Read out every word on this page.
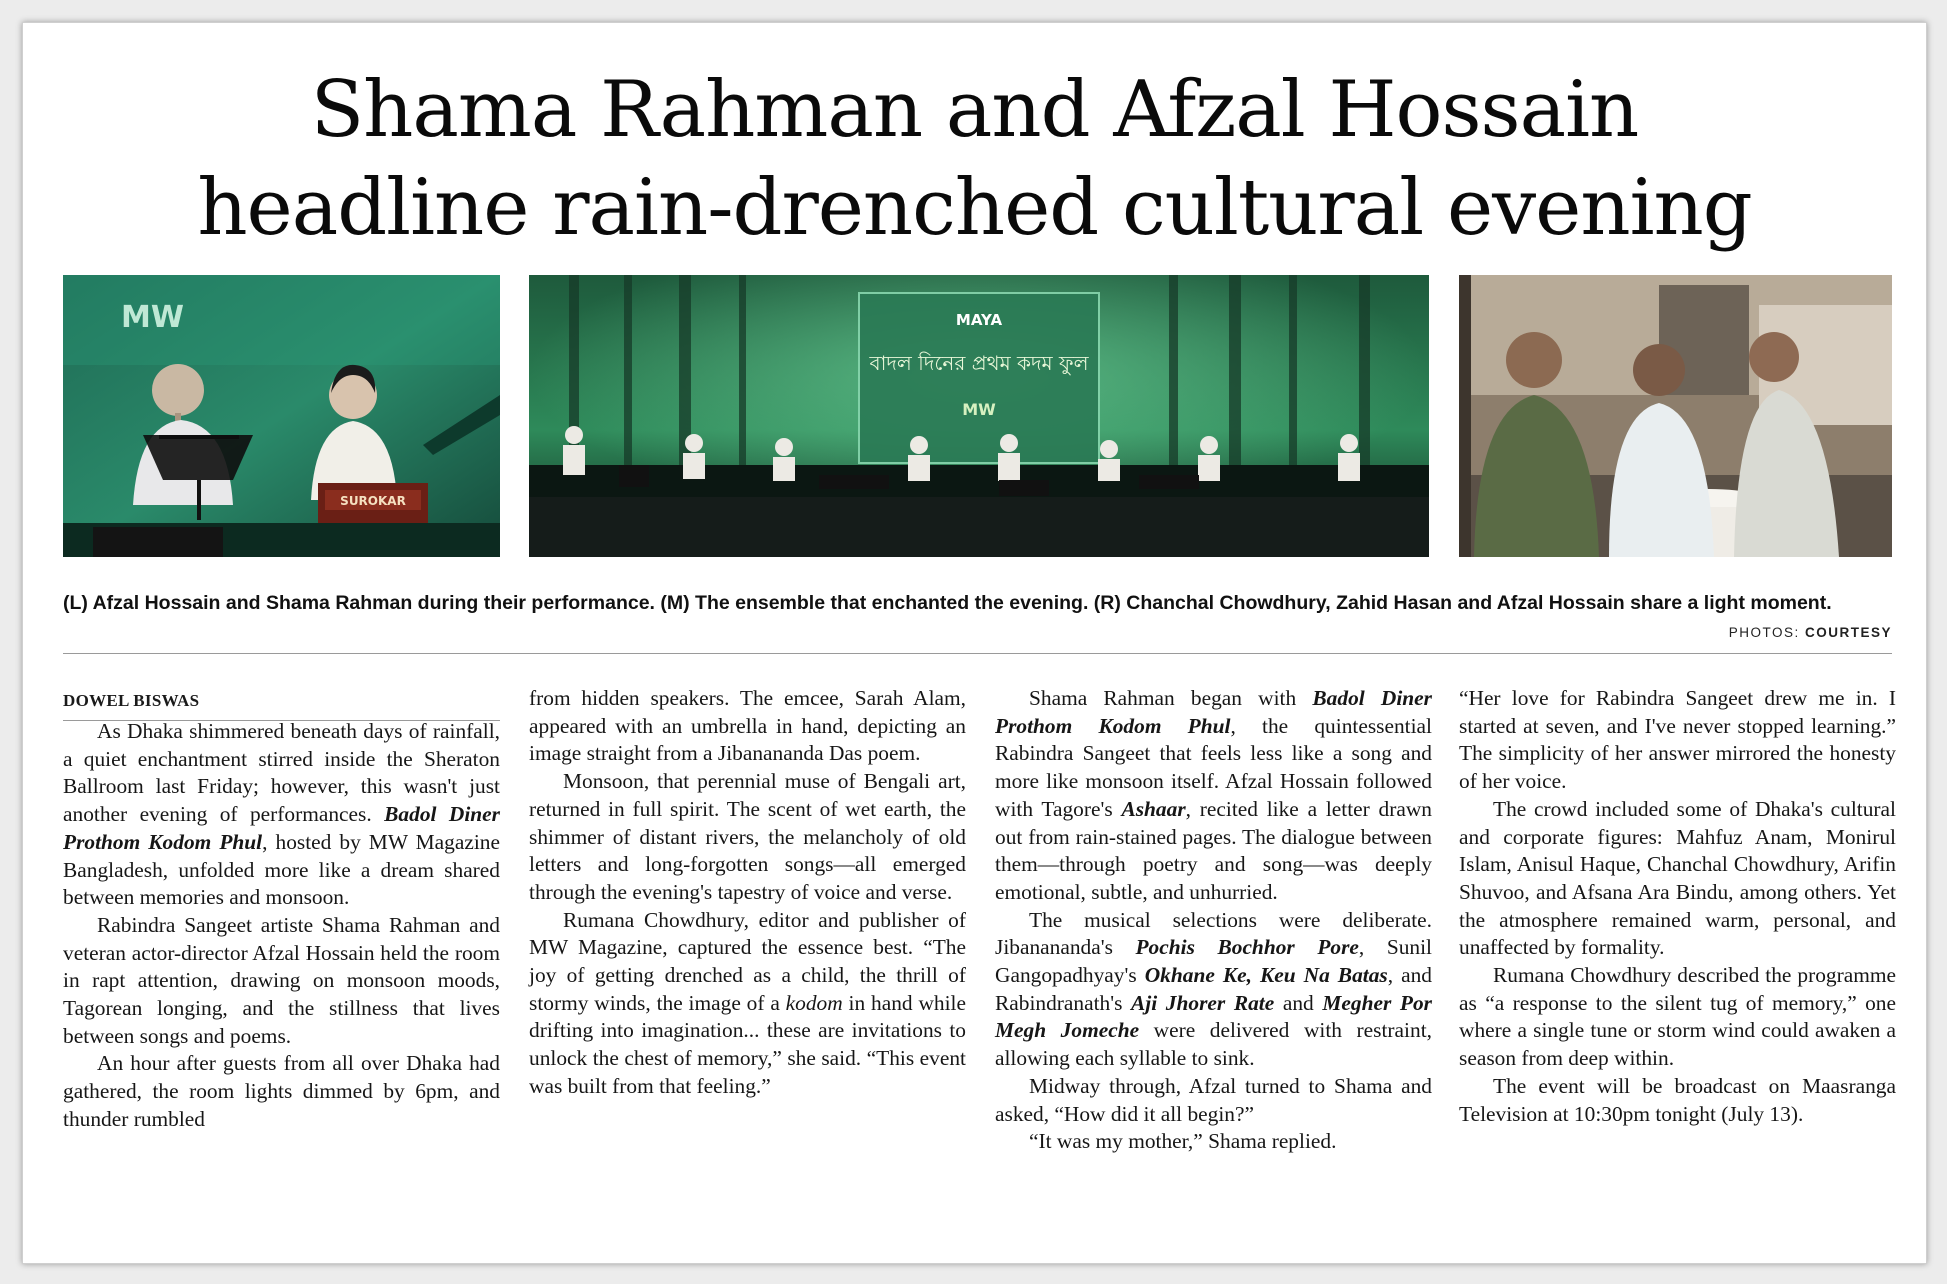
Shama Rahman and Afzal Hossain
headline rain-drenched cultural evening
MW
SUROKAR
MAYA
বাদল দিনের প্রথম কদম ফুল
MW
(L) Afzal Hossain and Shama Rahman during their performance. (M) The ensemble that enchanted the evening. (R) Chanchal Chowdhury, Zahid Hasan and Afzal Hossain share a light moment.
PHOTOS: COURTESY
DOWEL BISWAS

As Dhaka shimmered beneath days of rainfall, a quiet enchantment stirred inside the Sheraton Ballroom last Friday; however, this wasn't just another evening of performances. Badol Diner Prothom Kodom Phul, hosted by MW Magazine Bangladesh, unfolded more like a dream shared between memories and monsoon.

Rabindra Sangeet artiste Shama Rahman and veteran actor-director Afzal Hossain held the room in rapt attention, drawing on monsoon moods, Tagorean longing, and the stillness that lives between songs and poems.

An hour after guests from all over Dhaka had gathered, the room lights dimmed by 6pm, and thunder rumbled

from hidden speakers. The emcee, Sarah Alam, appeared with an umbrella in hand, depicting an image straight from a Jibanananda Das poem.

Monsoon, that perennial muse of Bengali art, returned in full spirit. The scent of wet earth, the shimmer of distant rivers, the melancholy of old letters and long-forgotten songs—all emerged through the evening's tapestry of voice and verse.

Rumana Chowdhury, editor and publisher of MW Magazine, captured the essence best. “The joy of getting drenched as a child, the thrill of stormy winds, the image of a kodom in hand while drifting into imagination... these are invitations to unlock the chest of memory,” she said. “This event was built from that feeling.”

Shama Rahman began with Badol Diner Prothom Kodom Phul, the quintessential Rabindra Sangeet that feels less like a song and more like monsoon itself. Afzal Hossain followed with Tagore's Ashaar, recited like a letter drawn out from rain-stained pages. The dialogue between them—through poetry and song—was deeply emotional, subtle, and unhurried.

The musical selections were deliberate. Jibanananda's Pochis Bochhor Pore, Sunil Gangopadhyay's Okhane Ke, Keu Na Batas, and Rabindranath's Aji Jhorer Rate and Megher Por Megh Jomeche were delivered with restraint, allowing each syllable to sink.

Midway through, Afzal turned to Shama and asked, “How did it all begin?”

“It was my mother,” Shama replied.

“Her love for Rabindra Sangeet drew me in. I started at seven, and I've never stopped learning.” The simplicity of her answer mirrored the honesty of her voice.

The crowd included some of Dhaka's cultural and corporate figures: Mahfuz Anam, Monirul Islam, Anisul Haque, Chanchal Chowdhury, Arifin Shuvoo, and Afsana Ara Bindu, among others. Yet the atmosphere remained warm, personal, and unaffected by formality.

Rumana Chowdhury described the programme as “a response to the silent tug of memory,” one where a single tune or storm wind could awaken a season from deep within.

The event will be broadcast on Maasranga Television at 10:30pm tonight (July 13).
